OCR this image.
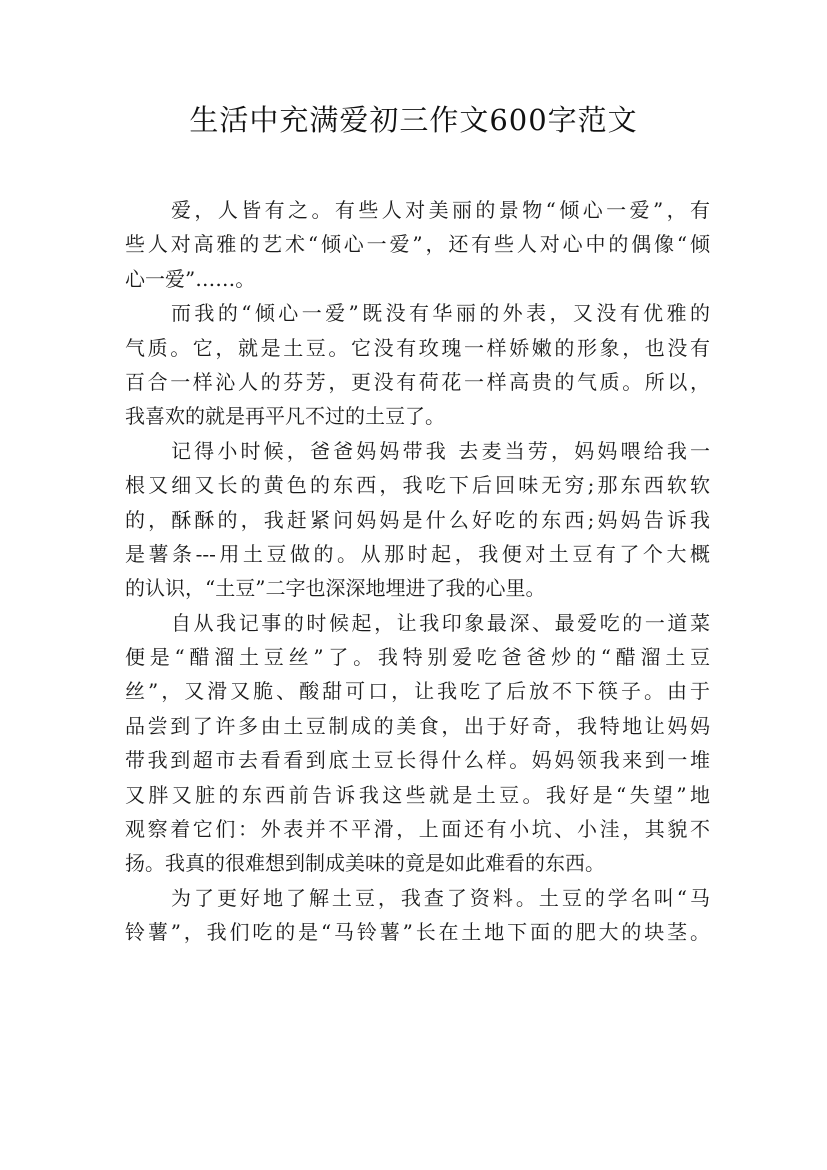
生活中充满爱初三作文600字范文
爱，人皆有之。有些人对美丽的景物“倾心一爱”，有
些人对高雅的艺术“倾心一爱”，还有些人对心中的偶像“倾
心一爱”……。
而我的“倾心一爱”既没有华丽的外表，又没有优雅的
气质。它，就是土豆。它没有玫瑰一样娇嫩的形象，也没有
百合一样沁人的芬芳，更没有荷花一样高贵的气质。所以，
我喜欢的就是再平凡不过的土豆了。
记得小时候，爸爸妈妈带我 去麦当劳，妈妈喂给我一
根又细又长的黄色的东西，我吃下后回味无穷;那东西软软
的，酥酥的，我赶紧问妈妈是什么好吃的东西;妈妈告诉我
是薯条---用土豆做的。从那时起，我便对土豆有了个大概
的认识，“土豆”二字也深深地埋进了我的心里。
自从我记事的时候起，让我印象最深、最爱吃的一道菜
便是“醋溜土豆丝”了。我特别爱吃爸爸炒的“醋溜土豆
丝”，又滑又脆、酸甜可口，让我吃了后放不下筷子。由于
品尝到了许多由土豆制成的美食，出于好奇，我特地让妈妈
带我到超市去看看到底土豆长得什么样。妈妈领我来到一堆
又胖又脏的东西前告诉我这些就是土豆。我好是“失望”地
观察着它们：外表并不平滑，上面还有小坑、小洼，其貌不
扬。我真的很难想到制成美味的竟是如此难看的东西。
为了更好地了解土豆，我查了资料。土豆的学名叫“马
铃薯”，我们吃的是“马铃薯”长在土地下面的肥大的块茎。
